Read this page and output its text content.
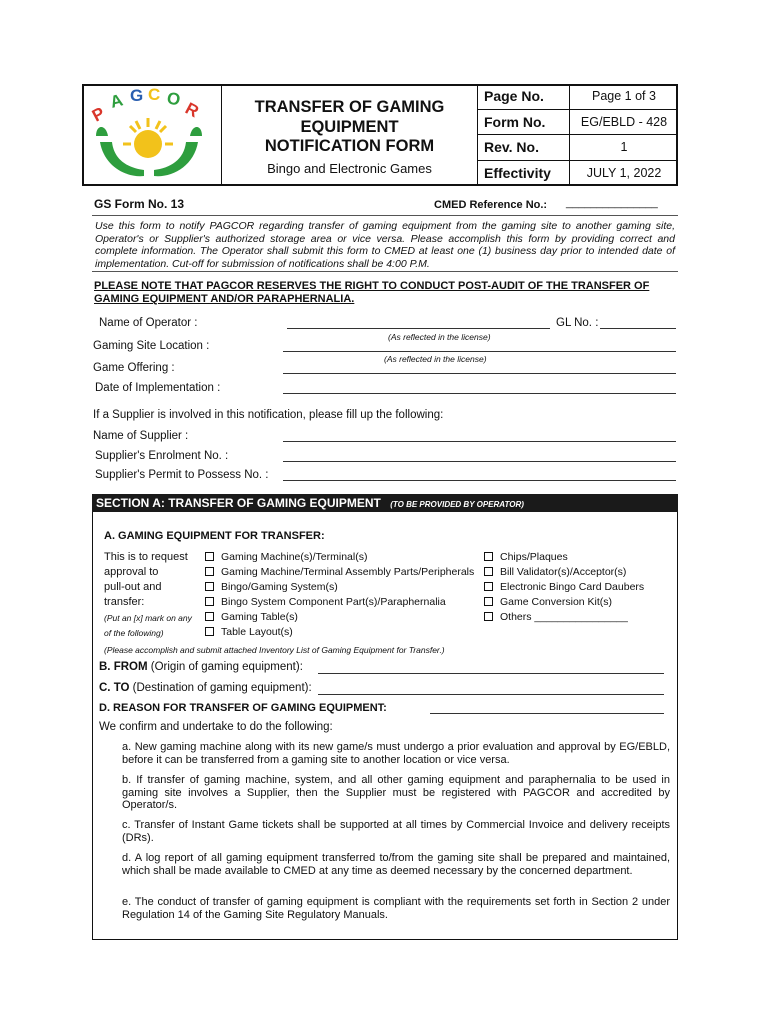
P
A G C O R	TRANSFER OF GAMING EQUIPMENT NOTIFICATION FORM
Bingo and Electronic Games
Page No.	Page 1 of 3
Form No.	EG/EBLD - 428
Rev. No.	1
Effectivity	JULY 1, 2022
GS Form No. 13	CMED Reference No.: _______________
Use this form to notify PAGCOR regarding transfer of gaming equipment from the gaming site to another gaming site, Operator's or Supplier's authorized storage area or vice versa. Please accomplish this form by providing correct and complete information. The Operator shall submit this form to CMED at least one (1) business day prior to intended date of implementation. Cut-off for submission of notifications shall be 4:00 P.M.
PLEASE NOTE THAT PAGCOR RESERVES THE RIGHT TO CONDUCT POST-AUDIT OF THE TRANSFER OF GAMING EQUIPMENT AND/OR PARAPHERNALIA.
Name of Operator :	GL No. :
(As reflected in the license)
Gaming Site Location :
(As reflected in the license)
Game Offering :
Date of Implementation :
If a Supplier is involved in this notification, please fill up the following:
Name of Supplier :
Supplier's Enrolment No. :
Supplier's Permit to Possess No. :
SECTION A: TRANSFER OF GAMING EQUIPMENT (TO BE PROVIDED BY OPERATOR)
A. GAMING EQUIPMENT FOR TRANSFER:
This is to request
approval to
pull-out and
transfer:
(Put an [x] mark on any
of the following)
Gaming Machine(s)/Terminal(s)
Gaming Machine/Terminal Assembly Parts/Peripherals
Bingo/Gaming System(s)
Bingo System Component Part(s)/Paraphernalia
Gaming Table(s)
Table Layout(s)
Chips/Plaques
Bill Validator(s)/Acceptor(s)
Electronic Bingo Card Daubers
Game Conversion Kit(s)
Others ________________
(Please accomplish and submit attached Inventory List of Gaming Equipment for Transfer.)
B. FROM (Origin of gaming equipment):
C. TO (Destination of gaming equipment):
D. REASON FOR TRANSFER OF GAMING EQUIPMENT:
We confirm and undertake to do the following:
a. New gaming machine along with its new game/s must undergo a prior evaluation and approval by EG/EBLD, before it can be transferred from a gaming site to another location or vice versa.
b. If transfer of gaming machine, system, and all other gaming equipment and paraphernalia to be used in gaming site involves a Supplier, then the Supplier must be registered with PAGCOR and accredited by Operator/s.
c. Transfer of Instant Game tickets shall be supported at all times by Commercial Invoice and delivery receipts (DRs).
d. A log report of all gaming equipment transferred to/from the gaming site shall be prepared and maintained, which shall be made available to CMED at any time as deemed necessary by the concerned department.
e. The conduct of transfer of gaming equipment is compliant with the requirements set forth in Section 2 under Regulation 14 of the Gaming Site Regulatory Manuals.
